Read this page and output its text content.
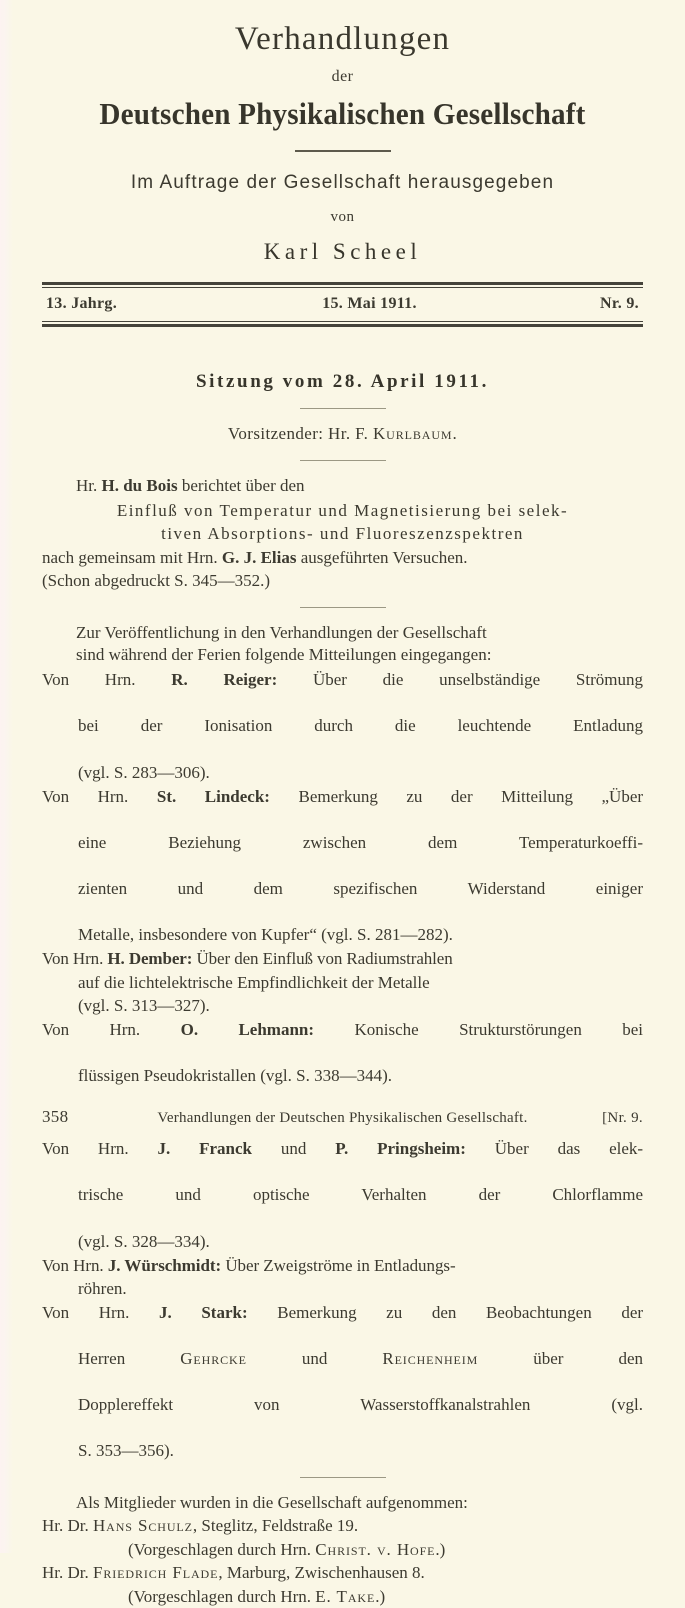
Verhandlungen
der
Deutschen Physikalischen Gesellschaft
Im Auftrage der Gesellschaft herausgegeben
von
Karl Scheel
13. Jahrg.	15. Mai 1911.	Nr. 9.
Sitzung vom 28. April 1911.
Vorsitzender: Hr. F. Kurlbaum.
Hr. H. du Bois berichtet über den
Einfluß von Temperatur und Magnetisierung bei selek-
tiven Absorptions- und Fluoreszenzspektren
nach gemeinsam mit Hrn. G. J. Elias ausgeführten Versuchen.
(Schon abgedruckt S. 345—352.)
Zur Veröffentlichung in den Verhandlungen der Gesellschaft
sind während der Ferien folgende Mitteilungen eingegangen:
Von Hrn. R. Reiger: Über die unselbständige Strömung
bei der Ionisation durch die leuchtende Entladung
(vgl. S. 283—306).
Von Hrn. St. Lindeck: Bemerkung zu der Mitteilung „Über
eine Beziehung zwischen dem Temperaturkoeffi-
zienten und dem spezifischen Widerstand einiger
Metalle, insbesondere von Kupfer“ (vgl. S. 281—282).
Von Hrn. H. Dember: Über den Einfluß von Radiumstrahlen
auf die lichtelektrische Empfindlichkeit der Metalle
(vgl. S. 313—327).
Von Hrn. O. Lehmann: Konische Strukturstörungen bei
flüssigen Pseudokristallen (vgl. S. 338—344).
358	Verhandlungen der Deutschen Physikalischen Gesellschaft.	[Nr. 9.
Von Hrn. J. Franck und P. Pringsheim: Über das elek-
trische und optische Verhalten der Chlorflamme
(vgl. S. 328—334).
Von Hrn. J. Würschmidt: Über Zweigströme in Entladungs-
röhren.
Von Hrn. J. Stark: Bemerkung zu den Beobachtungen der
Herren	Gehrcke	und	Reichenheim	über den
Dopplereffekt von Wasserstoffkanalstrahlen (vgl.
S. 353—356).
Als Mitglieder wurden in die Gesellschaft aufgenommen:
Hr. Dr. Hans Schulz, Steglitz, Feldstraße 19.
(Vorgeschlagen durch Hrn. Christ. v. Hofe.)
Hr. Dr. Friedrich Flade, Marburg, Zwischenhausen 8.
(Vorgeschlagen durch Hrn. E. Take.)
